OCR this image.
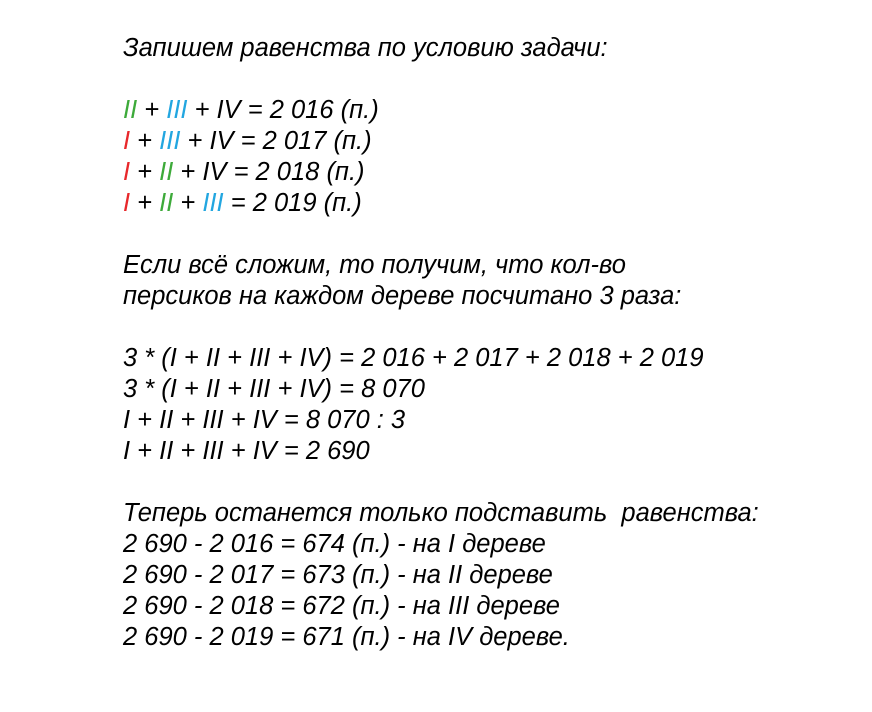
Запишем равенства по условию задачи:
II + III + IV = 2 016 (п.)
I + III + IV = 2 017 (п.)
I + II + IV = 2 018 (п.)
I + II + III = 2 019 (п.)
Если всё сложим, то получим, что кол-во
персиков на каждом дереве посчитано 3 раза:
3 * (I + II + III + IV) = 2 016 + 2 017 + 2 018 + 2 019
3 * (I + II + III + IV) = 8 070
I + II + III + IV = 8 070 : 3
I + II + III + IV = 2 690
Теперь останется только подставить  равенства:
2 690 - 2 016 = 674 (п.) - на I дереве
2 690 - 2 017 = 673 (п.) - на II дереве
2 690 - 2 018 = 672 (п.) - на III дереве
2 690 - 2 019 = 671 (п.) - на IV дереве.
